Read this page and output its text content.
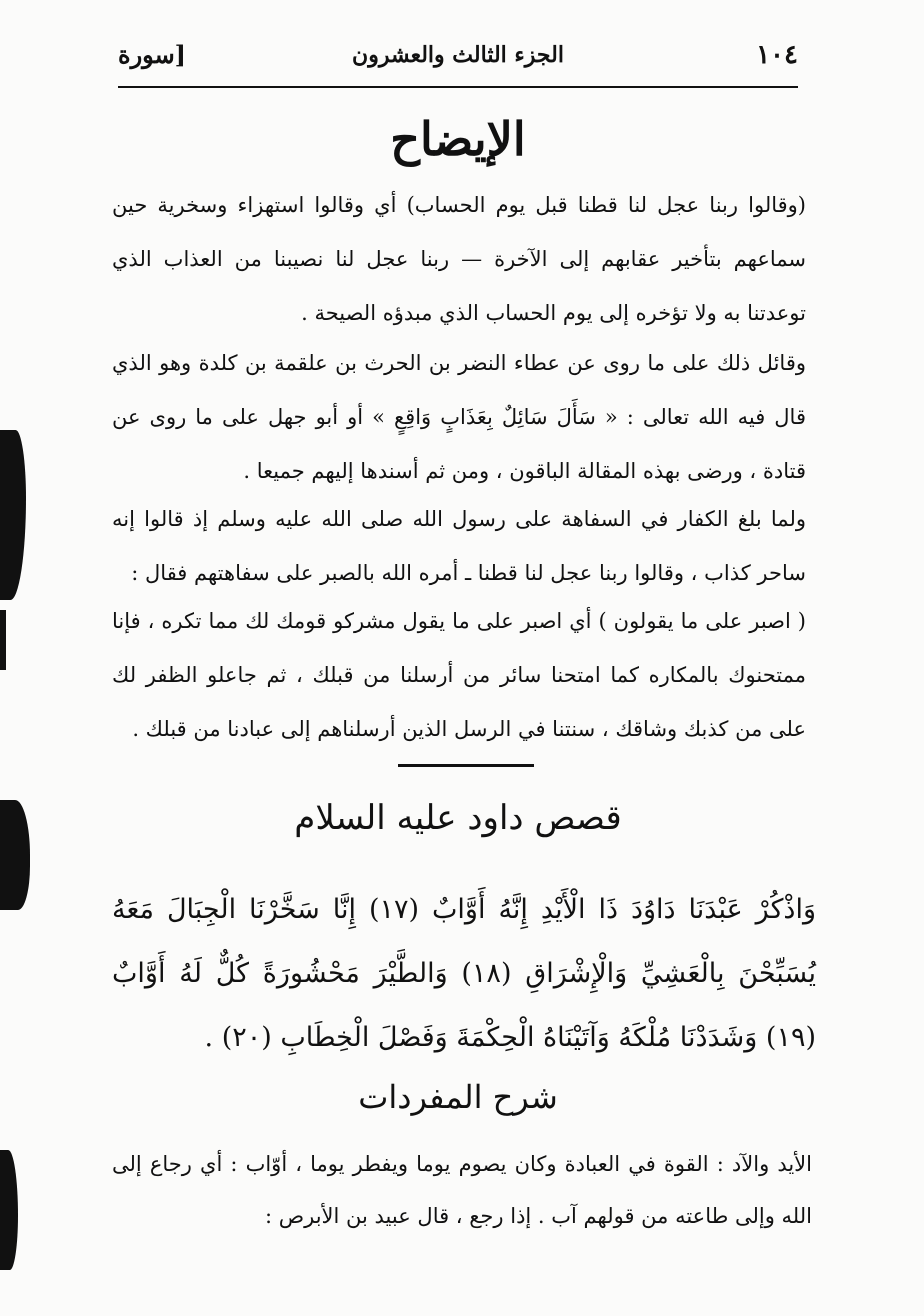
١٠٤
الجزء الثالث والعشرون
[سورة
الإيضاح
(وقالوا ربنا عجل لنا قطنا قبل يوم الحساب) أي وقالوا استهزاء وسخرية حين سماعهم بتأخير عقابهم إلى الآخرة — ربنا عجل لنا نصيبنا من العذاب الذي توعدتنا به ولا تؤخره إلى يوم الحساب الذي مبدؤه الصيحة .
وقائل ذلك على ما روى عن عطاء النضر بن الحرث بن علقمة بن كلدة وهو الذي قال فيه الله تعالى : « سَأَلَ سَائِلٌ بِعَذَابٍ وَاقِعٍ » أو أبو جهل على ما روى عن قتادة ، ورضى بهذه المقالة الباقون ، ومن ثم أسندها إليهم جميعا .
ولما بلغ الكفار في السفاهة على رسول الله صلى الله عليه وسلم إذ قالوا إنه ساحر كذاب ، وقالوا ربنا عجل لنا قطنا ـ أمره الله بالصبر على سفاهتهم فقال :
( اصبر على ما يقولون ) أي اصبر على ما يقول مشركو قومك لك مما تكره ، فإنا ممتحنوك بالمكاره كما امتحنا سائر من أرسلنا من قبلك ، ثم جاعلو الظفر لك على من كذبك وشاقك ، سنتنا في الرسل الذين أرسلناهم إلى عبادنا من قبلك .
قصص داود عليه السلام
وَاذْكُرْ عَبْدَنَا دَاوُدَ ذَا الْأَيْدِ إِنَّهُ أَوَّابٌ (١٧) إِنَّا سَخَّرْنَا الْجِبَالَ مَعَهُ يُسَبِّحْنَ بِالْعَشِيِّ وَالْإِشْرَاقِ (١٨) وَالطَّيْرَ مَحْشُورَةً كُلٌّ لَهُ أَوَّابٌ (١٩) وَشَدَدْنَا مُلْكَهُ وَآتَيْنَاهُ الْحِكْمَةَ وَفَصْلَ الْخِطَابِ (٢٠) .
شرح المفردات
الأيد والآد : القوة في العبادة وكان يصوم يوما ويفطر يوما ، أوّاب : أي رجاع إلى الله وإلى طاعته من قولهم آب . إذا رجع ، قال عبيد بن الأبرص :
